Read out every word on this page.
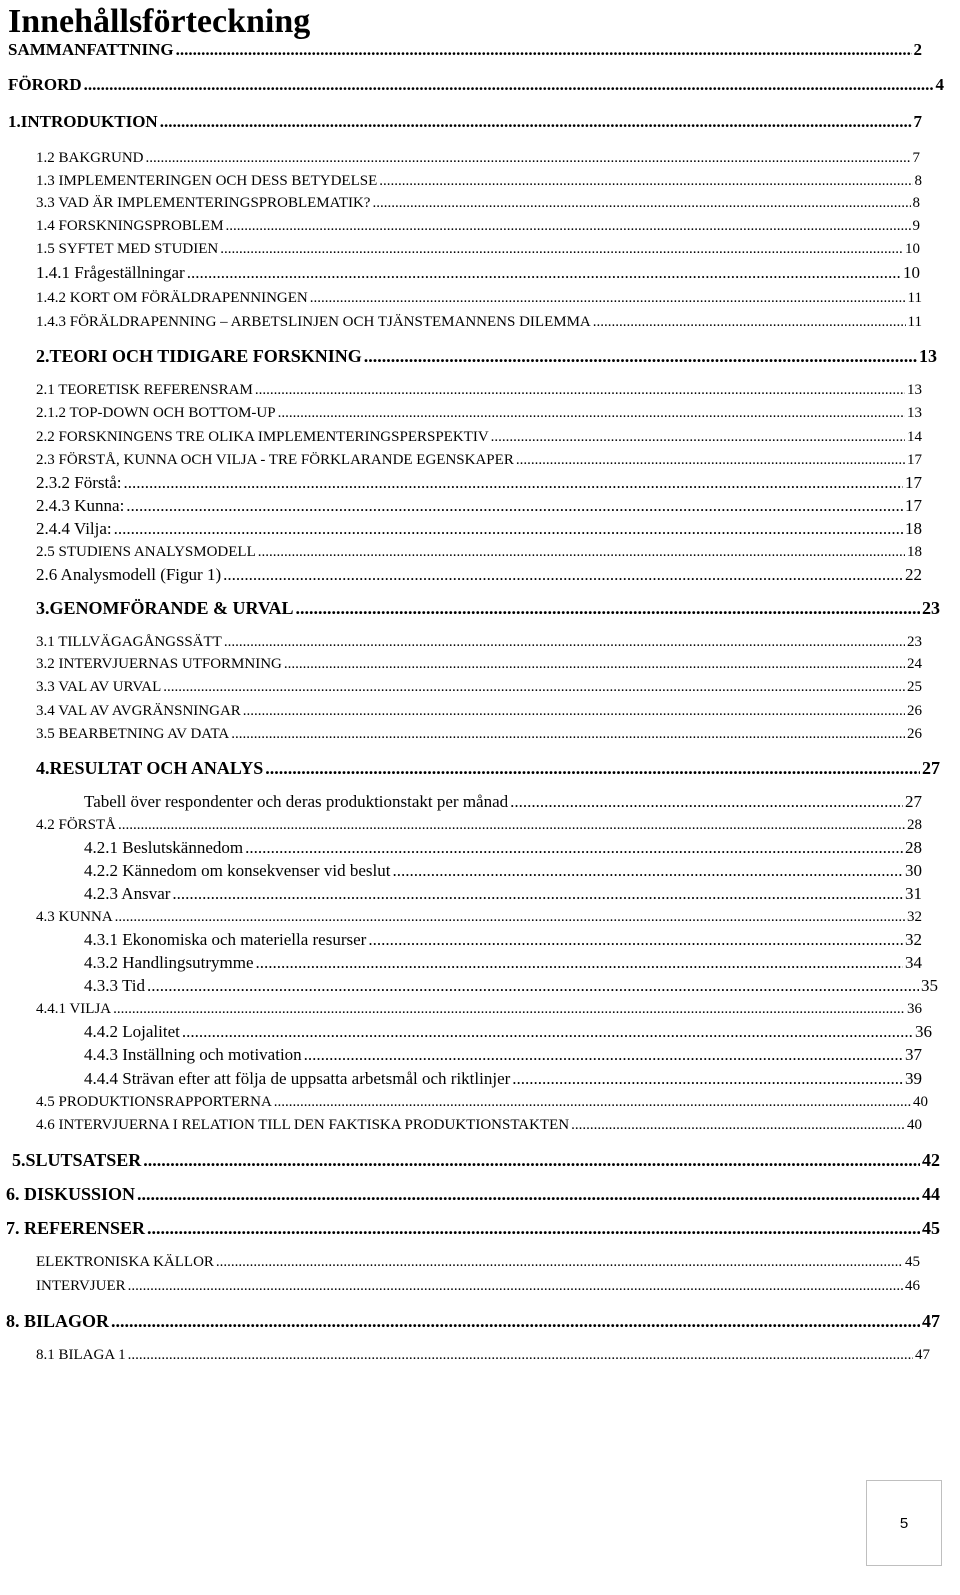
Innehållsförteckning
SAMMANFATTNING .....	2
FÖRORD .....	4
1.INTRODUKTION .....	7
1.2 BAKGRUND .....	7
1.3 IMPLEMENTERINGEN OCH DESS BETYDELSE .....	8
3.3 VAD ÄR IMPLEMENTERINGSPROBLEMATIK? .....	8
1.4 FORSKNINGSPROBLEM .....	9
1.5 SYFTET MED STUDIEN .....	10
1.4.1 Frågeställningar .....	10
1.4.2 KORT OM FÖRÄLDRAPENNINGEN .....	11
1.4.3 FÖRÄLDRAPENNING – ARBETSLINJEN OCH TJÄNSTEMANNENS DILEMMA .....	11
2.TEORI OCH TIDIGARE FORSKNING .....	13
2.1 TEORETISK REFERENSRAM .....	13
2.1.2 TOP-DOWN OCH BOTTOM-UP .....	13
2.2 FORSKNINGENS TRE OLIKA IMPLEMENTERINGSPERSPEKTIV .....	14
2.3 FÖRSTÅ, KUNNA OCH VILJA - TRE FÖRKLARANDE EGENSKAPER .....	17
2.3.2 Förstå: .....	17
2.4.3 Kunna: .....	17
2.4.4 Vilja: .....	18
2.5 STUDIENS ANALYSMODELL .....	18
2.6 Analysmodell (Figur 1) .....	22
3.GENOMFÖRANDE & URVAL .....	23
3.1 TILLVÄGAGÅNGSSÄTT .....	23
3.2 INTERVJUERNAS UTFORMNING .....	24
3.3 VAL AV URVAL .....	25
3.4 VAL AV AVGRÄNSNINGAR .....	26
3.5 BEARBETNING AV DATA .....	26
4.RESULTAT OCH ANALYS .....	27
Tabell över respondenter och deras produktionstakt per månad .....	27
4.2 FÖRSTÅ .....	28
4.2.1 Beslutskännedom .....	28
4.2.2 Kännedom om konsekvenser vid beslut .....	30
4.2.3 Ansvar .....	31
4.3 KUNNA .....	32
4.3.1 Ekonomiska och materiella resurser .....	32
4.3.2 Handlingsutrymme .....	34
4.3.3 Tid .....	35
4.4.1 VILJA .....	36
4.4.2 Lojalitet .....	36
4.4.3 Inställning och motivation .....	37
4.4.4 Strävan efter att följa de uppsatta arbetsmål och riktlinjer .....	39
4.5 PRODUKTIONSRAPPORTERNA .....	40
4.6 INTERVJUERNA I RELATION TILL DEN FAKTISKA PRODUKTIONSTAKTEN .....	40
5.SLUTSATSER .....	42
6. DISKUSSION .....	44
7. REFERENSER .....	45
ELEKTRONISKA KÄLLOR .....	45
INTERVJUER .....	46
8. BILAGOR .....	47
8.1 BILAGA 1 .....	47
5
